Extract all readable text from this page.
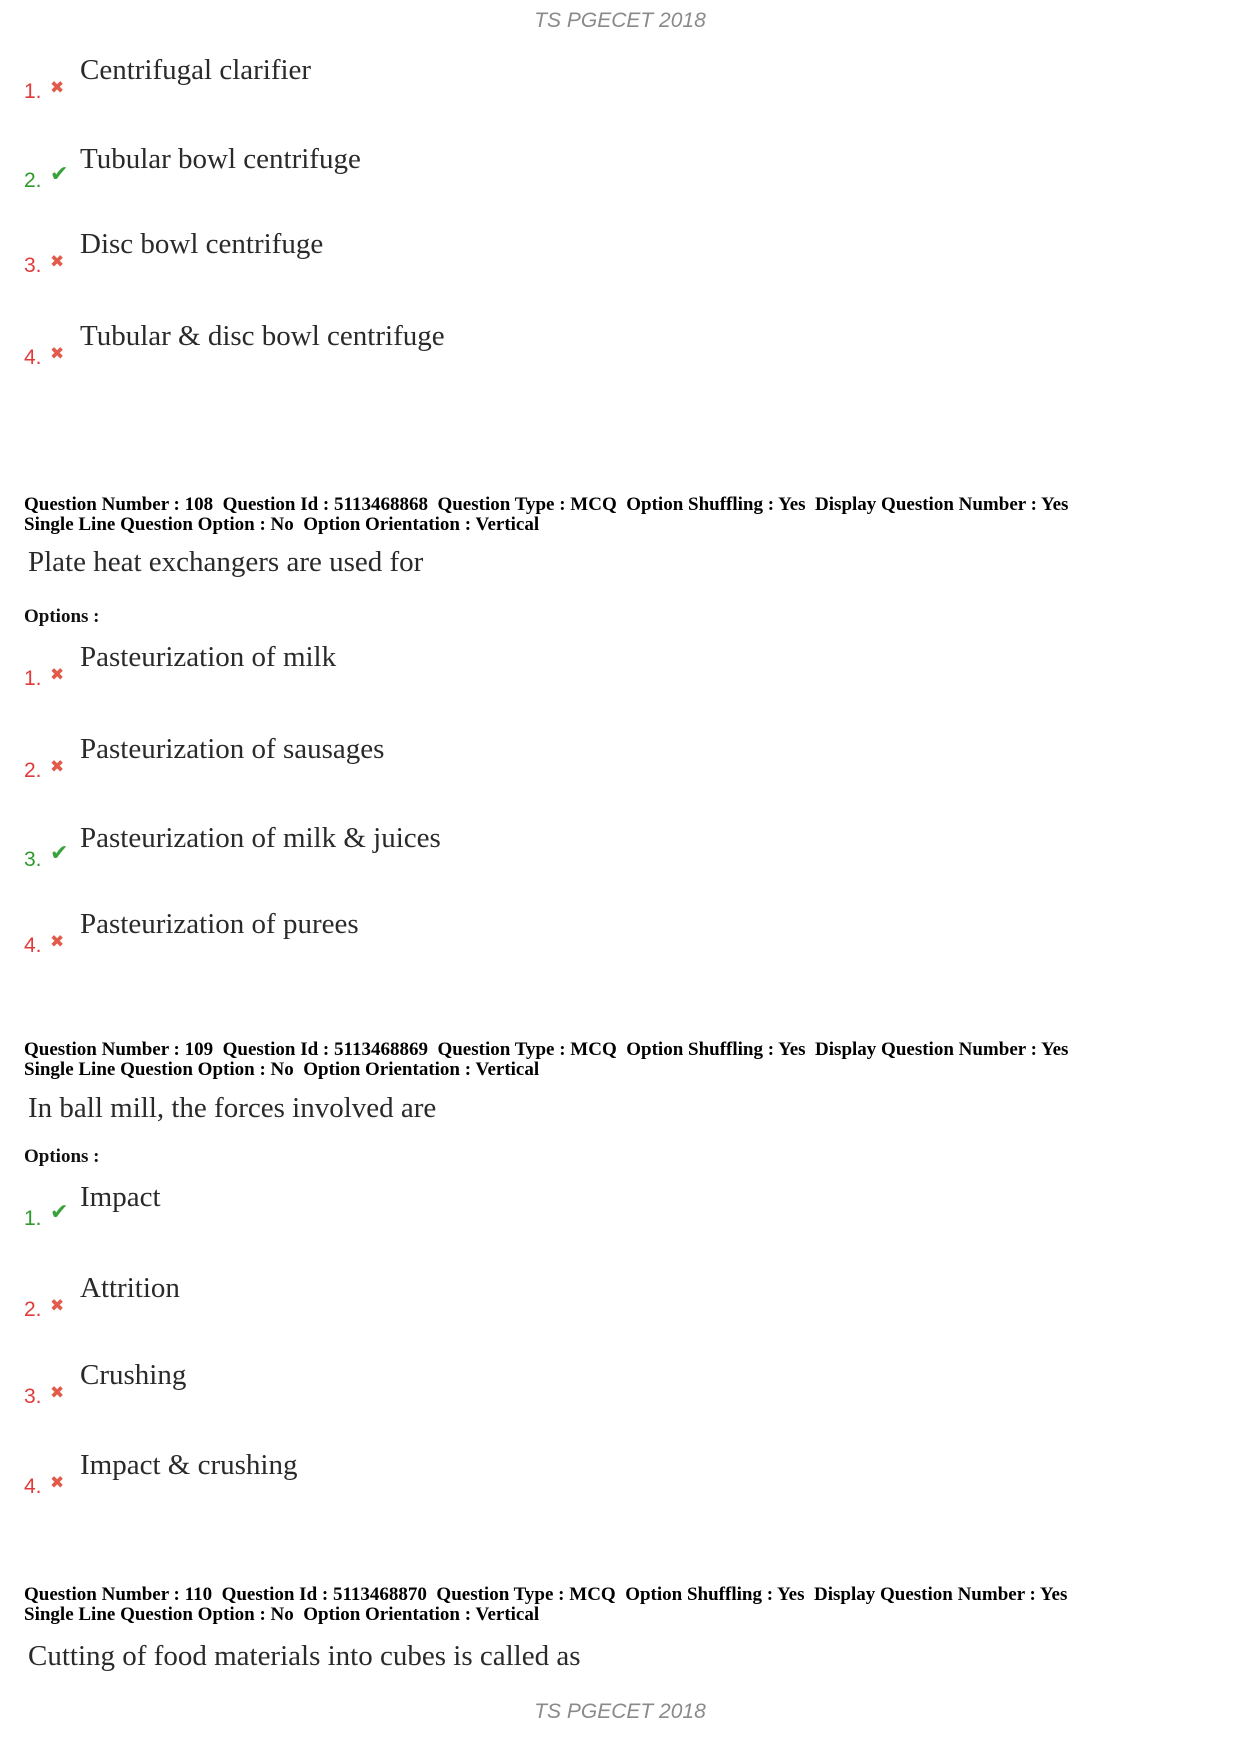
TS PGECET 2018
1. ✖
Centrifugal clarifier
2. ✔ Tubular bowl centrifuge
3. ✖
Disc bowl centrifuge
4. ✖
Tubular & disc bowl centrifuge
Question Number : 108  Question Id : 5113468868  Question Type : MCQ  Option Shuffling : Yes  Display Question Number : Yes
Single Line Question Option : No  Option Orientation : Vertical
Plate heat exchangers are used for
Options :
1. ✖
Pasteurization of milk
2. ✖
Pasteurization of sausages
3. ✔ Pasteurization of milk & juices
4. ✖
Pasteurization of purees
Question Number : 109  Question Id : 5113468869  Question Type : MCQ  Option Shuffling : Yes  Display Question Number : Yes
Single Line Question Option : No  Option Orientation : Vertical
In ball mill, the forces involved are
Options :
1. ✔ Impact
2. ✖
Attrition
3. ✖
Crushing
4. ✖
Impact & crushing
Question Number : 110  Question Id : 5113468870  Question Type : MCQ  Option Shuffling : Yes  Display Question Number : Yes
Single Line Question Option : No  Option Orientation : Vertical
Cutting of food materials into cubes is called as
TS PGECET 2018
